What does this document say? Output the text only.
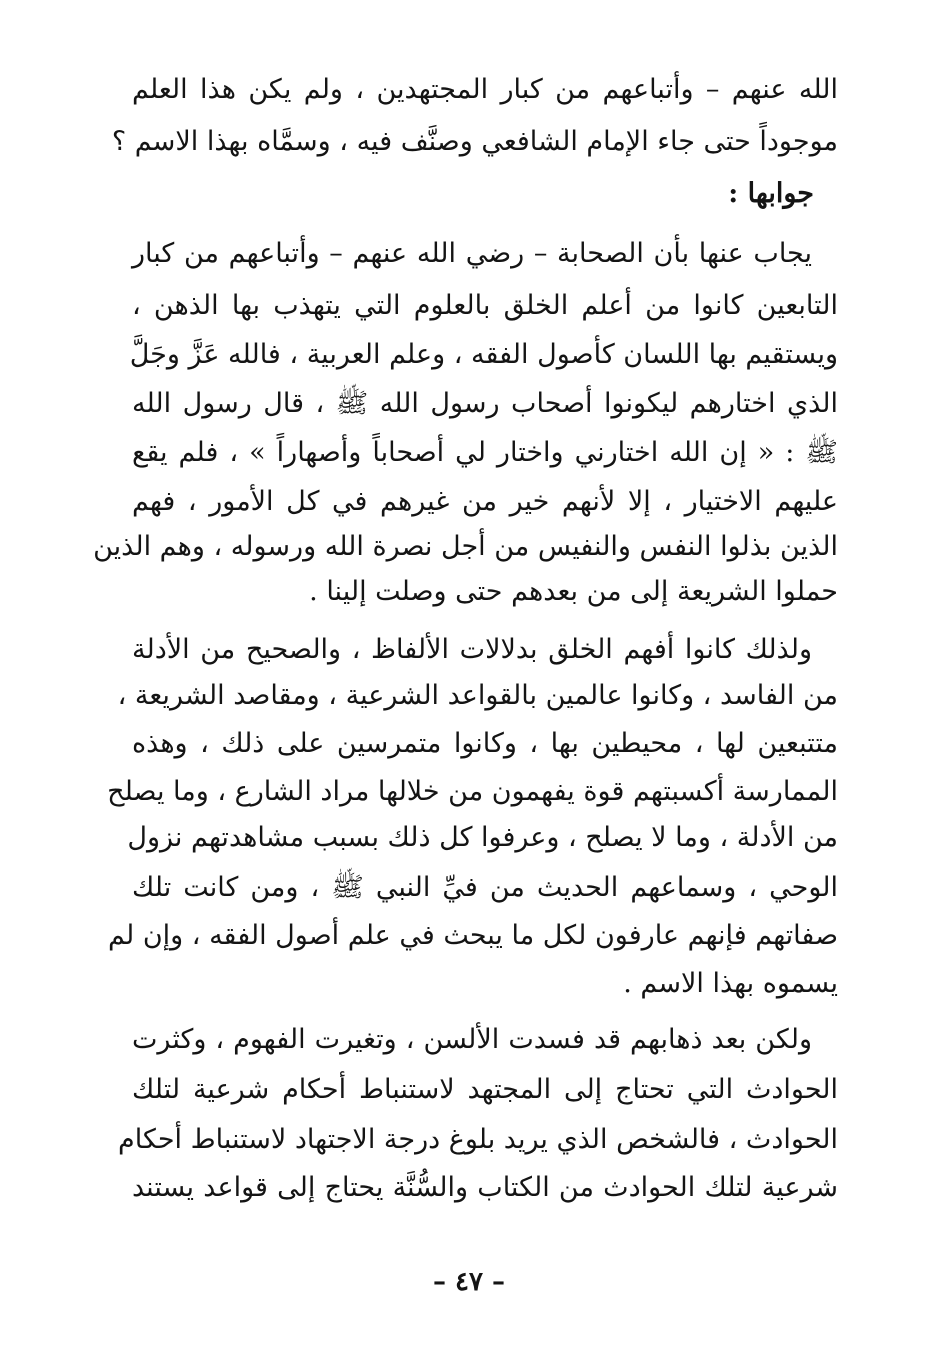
الله عنهم – وأتباعهم من كبار المجتهدين ، ولم يكن هذا العلم
موجوداً حتى جاء الإمام الشافعي وصنَّف فيه ، وسمَّاه بهذا الاسم ؟
جوابها :
يجاب عنها بأن الصحابة – رضي الله عنهم – وأتباعهم من كبار
التابعين كانوا من أعلم الخلق بالعلوم التي يتهذب بها الذهن ،
ويستقيم بها اللسان كأصول الفقه ، وعلم العربية ، فالله عَزَّ وجَلَّ
الذي اختارهم ليكونوا أصحاب رسول الله ﷺ ، قال رسول الله
ﷺ : « إن الله اختارني واختار لي أصحاباً وأصهاراً » ، فلم يقع
عليهم الاختيار ، إلا لأنهم خير من غيرهم في كل الأمور ، فهم
الذين بذلوا النفس والنفيس من أجل نصرة الله ورسوله ، وهم الذين
حملوا الشريعة إلى من بعدهم حتى وصلت إلينا .
ولذلك كانوا أفهم الخلق بدلالات الألفاظ ، والصحيح من الأدلة
من الفاسد ، وكانوا عالمين بالقواعد الشرعية ، ومقاصد الشريعة ،
متتبعين لها ، محيطين بها ، وكانوا متمرسين على ذلك ، وهذه
الممارسة أكسبتهم قوة يفهمون من خلالها مراد الشارع ، وما يصلح
من الأدلة ، وما لا يصلح ، وعرفوا كل ذلك بسبب مشاهدتهم نزول
الوحي ، وسماعهم الحديث من فيِّ النبي ﷺ ، ومن كانت تلك
صفاتهم فإنهم عارفون لكل ما يبحث في علم أصول الفقه ، وإن لم
يسموه بهذا الاسم .
ولكن بعد ذهابهم قد فسدت الألسن ، وتغيرت الفهوم ، وكثرت
الحوادث التي تحتاج إلى المجتهد لاستنباط أحكام شرعية لتلك
الحوادث ، فالشخص الذي يريد بلوغ درجة الاجتهاد لاستنباط أحكام
شرعية لتلك الحوادث من الكتاب والسُّنَّة يحتاج إلى قواعد يستند
– ٤٧ –
